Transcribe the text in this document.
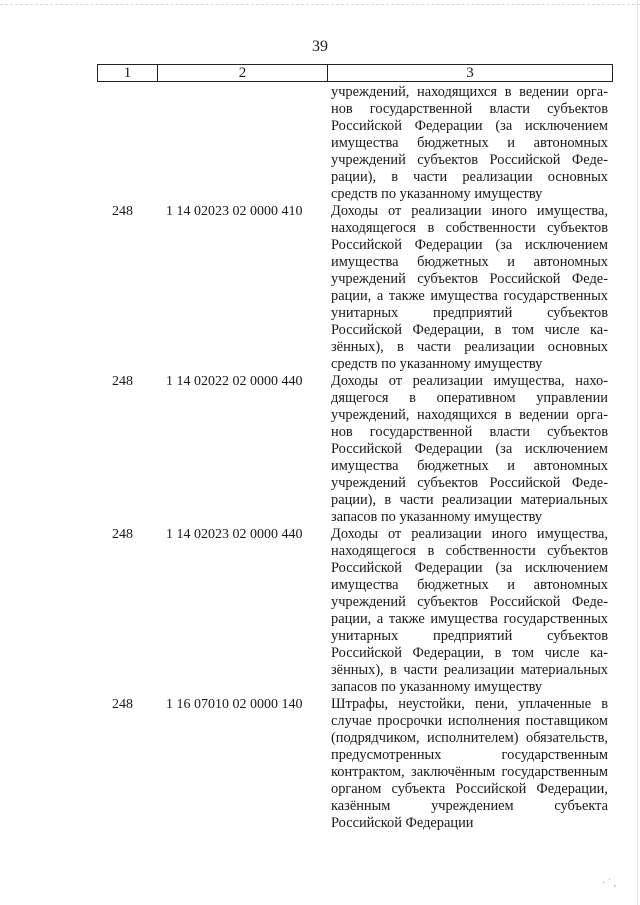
39
1	2	3
учреждений, находящихся в ведении органов государственной власти субъектов Российской Федерации (за исключением имущества бюджетных и автономных учреждений субъектов Российской Федерации), в части реализации основных средств по указанному имуществу
248	1 14 02023 02 0000 410	Доходы от реализации иного имущества, находящегося в собственности субъектов Российской Федерации (за исключением имущества бюджетных и автономных учреждений субъектов Российской Федерации, а также имущества государственных унитарных предприятий субъектов Российской Федерации, в том числе казённых), в части реализации основных средств по указанному имуществу
248	1 14 02022 02 0000 440	Доходы от реализации имущества, находящегося в оперативном управлении учреждений, находящихся в ведении органов государственной власти субъектов Российской Федерации (за исключением имущества бюджетных и автономных учреждений субъектов Российской Федерации), в части реализации материальных запасов по указанному имуществу
248	1 14 02023 02 0000 440	Доходы от реализации иного имущества, находящегося в собственности субъектов Российской Федерации (за исключением имущества бюджетных и автономных учреждений субъектов Российской Федерации, а также имущества государственных унитарных предприятий субъектов Российской Федерации, в том числе казённых), в части реализации материальных запасов по указанному имуществу
248	1 16 07010 02 0000 140	Штрафы, неустойки, пени, уплаченные в случае просрочки исполнения поставщиком (подрядчиком, исполнителем) обязательств, предусмотренных государственным контрактом, заключённым государственным органом субъекта Российской Федерации, казённым учреждением субъекта Российской Федерации
· ˋ ,
